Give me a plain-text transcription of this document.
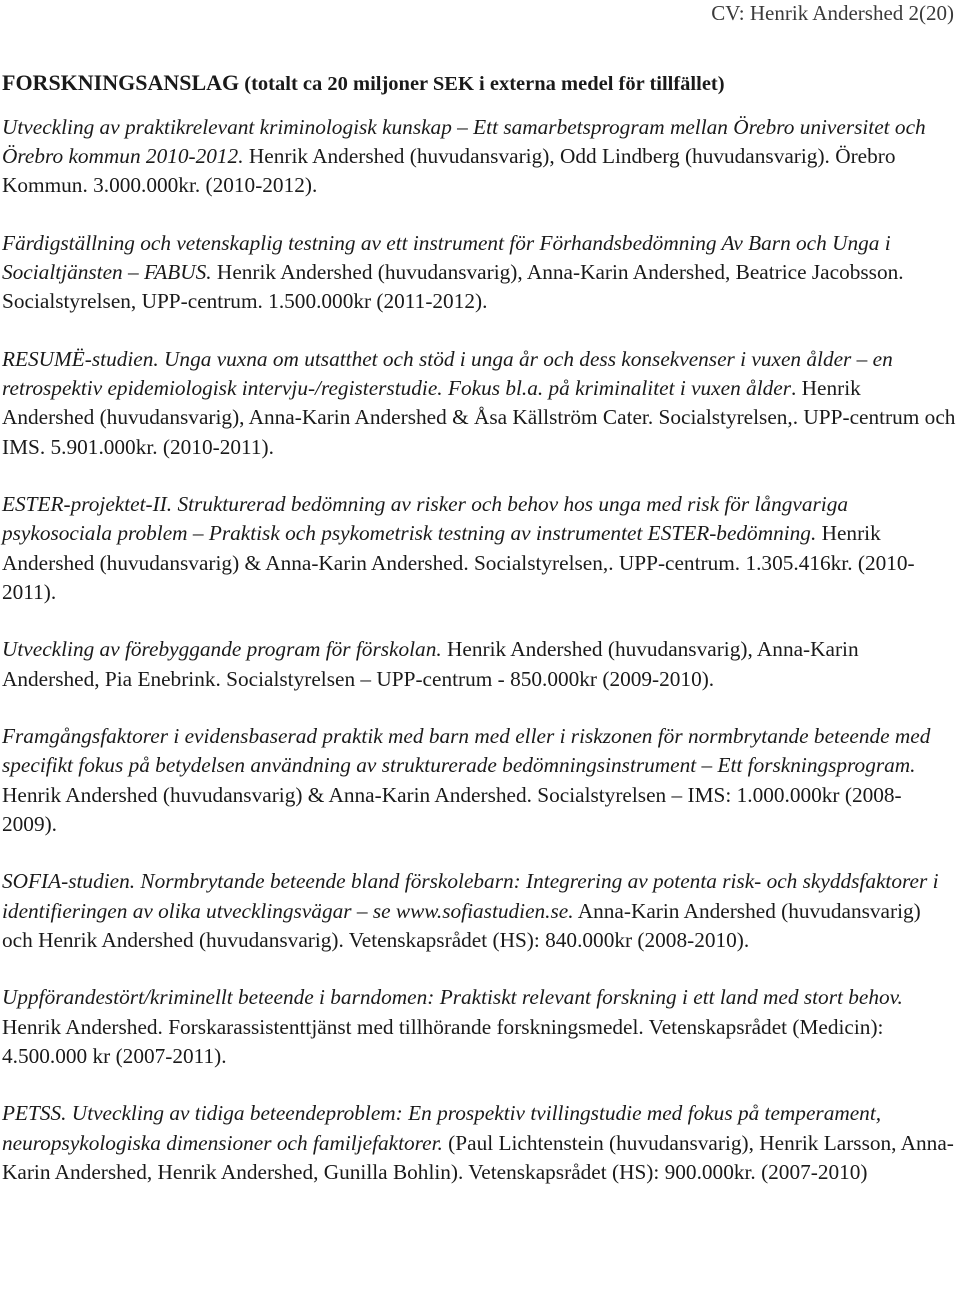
CV: Henrik Andershed 2(20)

FORSKNINGSANSLAG (totalt ca 20 miljoner SEK i externa medel för tillfället)

Utveckling av praktikrelevant kriminologisk kunskap – Ett samarbetsprogram mellan Örebro universitet och Örebro kommun 2010-2012. Henrik Andershed (huvudansvarig), Odd Lindberg (huvudansvarig). Örebro Kommun. 3.000.000kr. (2010-2012).

Färdigställning och vetenskaplig testning av ett instrument för Förhandsbedömning Av Barn och Unga i Socialtjänsten – FABUS. Henrik Andershed (huvudansvarig), Anna-Karin Andershed, Beatrice Jacobsson. Socialstyrelsen, UPP-centrum. 1.500.000kr (2011-2012).

RESUMË-studien. Unga vuxna om utsatthet och stöd i unga år och dess konsekvenser i vuxen ålder – en retrospektiv epidemiologisk intervju-/registerstudie. Fokus bl.a. på kriminalitet i vuxen ålder. Henrik Andershed (huvudansvarig), Anna-Karin Andershed & Åsa Källström Cater. Socialstyrelsen,. UPP-centrum och IMS. 5.901.000kr. (2010-2011).

ESTER-projektet-II. Strukturerad bedömning av risker och behov hos unga med risk för långvariga psykosociala problem – Praktisk och psykometrisk testning av instrumentet ESTER-bedömning. Henrik Andershed (huvudansvarig) & Anna-Karin Andershed. Socialstyrelsen,. UPP-centrum. 1.305.416kr. (2010-2011).

Utveckling av förebyggande program för förskolan. Henrik Andershed (huvudansvarig), Anna-Karin Andershed, Pia Enebrink. Socialstyrelsen – UPP-centrum - 850.000kr (2009-2010).

Framgångsfaktorer i evidensbaserad praktik med barn med eller i riskzonen för normbrytande beteende med specifikt fokus på betydelsen användning av strukturerade bedömningsinstrument – Ett forskningsprogram. Henrik Andershed (huvudansvarig) & Anna-Karin Andershed. Socialstyrelsen – IMS: 1.000.000kr (2008-2009).

SOFIA-studien. Normbrytande beteende bland förskolebarn: Integrering av potenta risk- och skyddsfaktorer i identifieringen av olika utvecklingsvägar – se www.sofiastudien.se. Anna-Karin Andershed (huvudansvarig) och Henrik Andershed (huvudansvarig). Vetenskapsrådet (HS): 840.000kr (2008-2010).

Uppförandestört/kriminellt beteende i barndomen: Praktiskt relevant forskning i ett land med stort behov. Henrik Andershed. Forskarassistenttjänst med tillhörande forskningsmedel. Vetenskapsrådet (Medicin): 4.500.000 kr (2007-2011).

PETSS. Utveckling av tidiga beteendeproblem: En prospektiv tvillingstudie med fokus på temperament, neuropsykologiska dimensioner och familjefaktorer. (Paul Lichtenstein (huvudansvarig), Henrik Larsson, Anna-Karin Andershed, Henrik Andershed, Gunilla Bohlin). Vetenskapsrådet (HS): 900.000kr. (2007-2010)
